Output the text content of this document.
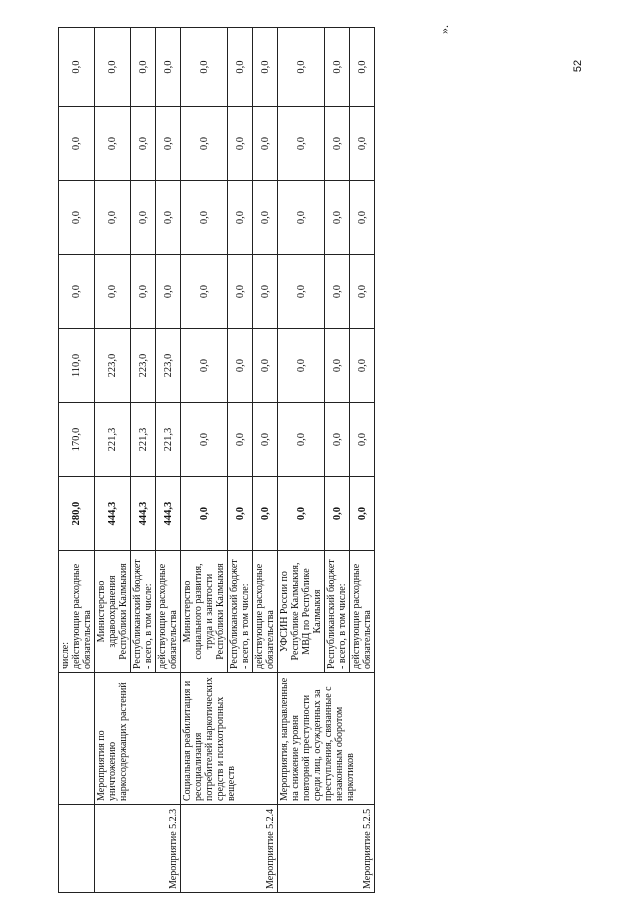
		числе: действующие расходные обязательства	280,0	170,0	110,0	0,0	0,0	0,0	0,0
Мероприятие 5.2.3	Мероприятия по уничтожению наркосодержащих растений	Министерство здравоохранения Республики Калмыкия	444,3	221,3	223,0	0,0	0,0	0,0	0,0
		Республиканский бюджет - всего, в том числе:	444,3	221,3	223,0	0,0	0,0	0,0	0,0
		действующие расходные обязательства	444,3	221,3	223,0	0,0	0,0	0,0	0,0
Мероприятие 5.2.4	Социальная реабилитация и ресоциализация потребителей наркотических средств и психотропных веществ	Министерство социального развития, труда и занятости Республики Калмыкия	0,0	0,0	0,0	0,0	0,0	0,0	0,0
		Республиканский бюджет - всего, в том числе:	0,0	0,0	0,0	0,0	0,0	0,0	0,0
		действующие расходные обязательства	0,0	0,0	0,0	0,0	0,0	0,0	0,0
Мероприятие 5.2.5	Мероприятия, направленные на снижение уровня повторной преступности среди лиц, осужденных за преступления, связанные с незаконным оборотом наркотиков	УФСИН России по Республике Калмыкия, МВД по Республике Калмыкия	0,0	0,0	0,0	0,0	0,0	0,0	0,0
		Республиканский бюджет - всего, в том числе:	0,0	0,0	0,0	0,0	0,0	0,0	0,0
		действующие расходные обязательства	0,0	0,0	0,0	0,0	0,0	0,0	0,0
».
52
